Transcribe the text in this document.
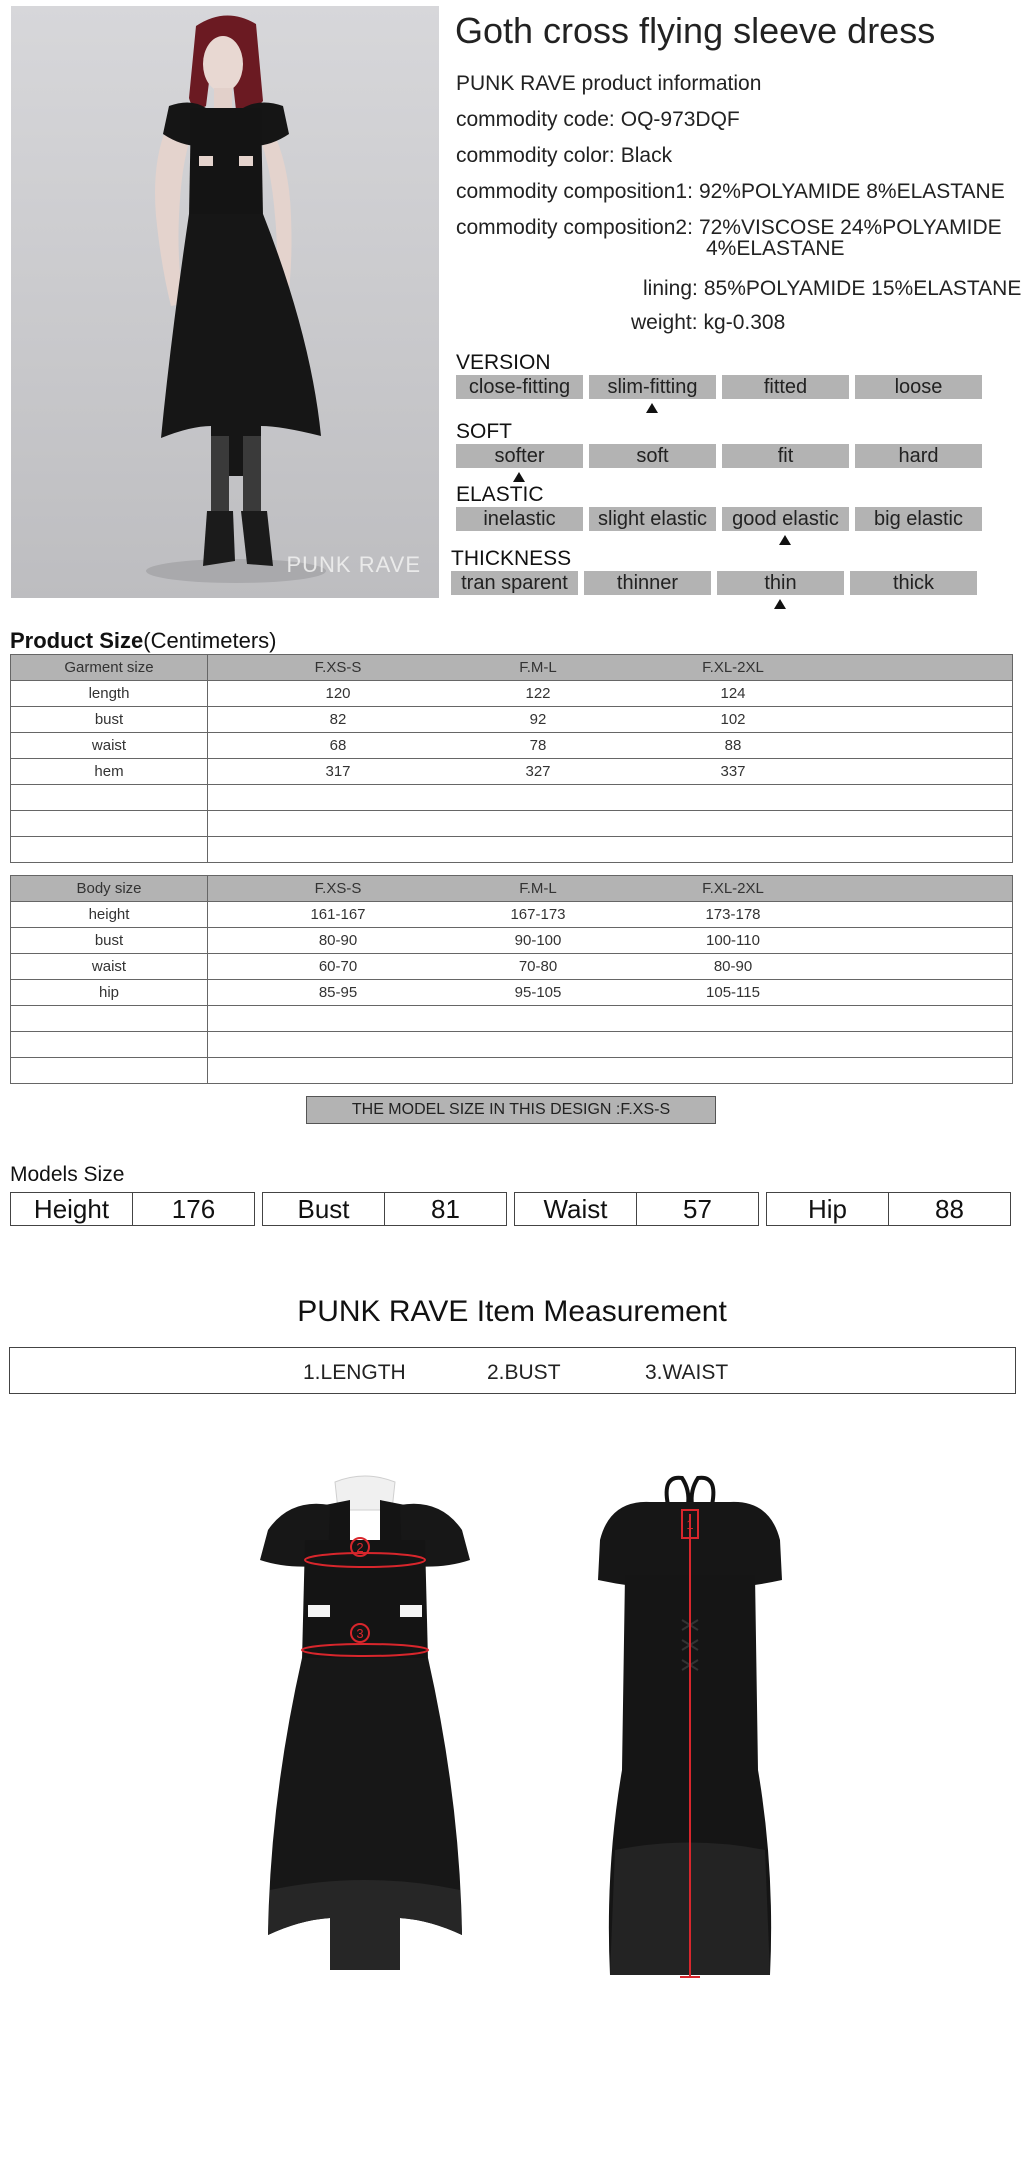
PUNK RAVE
Goth cross flying sleeve dress
PUNK RAVE product information
commodity code: OQ-973DQF
commodity color: Black
commodity composition1: 92%POLYAMIDE 8%ELASTANE
commodity composition2: 72%VISCOSE 24%POLYAMIDE
4%ELASTANE
lining: 85%POLYAMIDE 15%ELASTANE
weight: kg-0.308
VERSION
close-fitting	slim-fitting	fitted	loose
SOFT
softer	soft	fit	hard
ELASTIC
inelastic	slight elastic	good elastic	big elastic
THICKNESS
tran sparent	thinner	thin	thick
Product Size(Centimeters)
Garment size	F.XS-S F.M-L F.XL-2XL

length	120 122 124

bust	82 92 102

waist	68 78 88

hem	317 327 337

Body size	F.XS-S F.M-L F.XL-2XL

height	161-167 167-173 173-178

bust	80-90 90-100 100-110

waist	60-70 70-80 80-90

hip	85-95 95-105 105-115

THE MODEL SIZE IN THIS DESIGN :F.XS-S
Models Size
Height	176	Bust	81	Waist	57	Hip	88
PUNK RAVE Item Measurement
1.LENGTH	2.BUST	3.WAIST
2
3
1
